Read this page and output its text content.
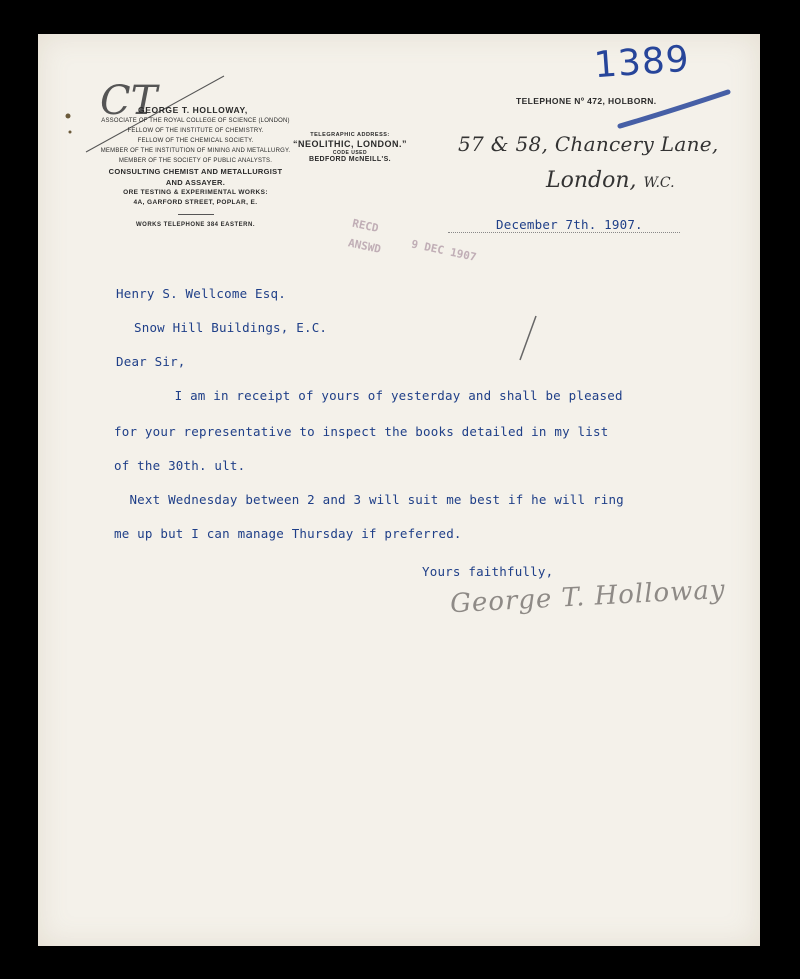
1389
CT
GEORGE T. HOLLOWAY,
ASSOCIATE OF THE ROYAL COLLEGE OF SCIENCE (LONDON)
FELLOW OF THE INSTITUTE OF CHEMISTRY.
FELLOW OF THE CHEMICAL SOCIETY.
MEMBER OF THE INSTITUTION OF MINING AND METALLURGY.
MEMBER OF THE SOCIETY OF PUBLIC ANALYSTS.
CONSULTING CHEMIST AND METALLURGIST
AND ASSAYER.
ORE TESTING & EXPERIMENTAL WORKS:
4A, GARFORD STREET, POPLAR, E.
WORKS TELEPHONE 384 EASTERN.
TELEGRAPHIC ADDRESS:
“NEOLITHIC, LONDON.”
CODE USED
BEDFORD McNEILL'S.
TELEPHONE Nº 472, HOLBORN.
57 & 58, Chancery Lane,
London, W.C.
December 7th. 1907.
RECD
9 DEC 1907
ANSWD
Henry S. Wellcome Esq.
Snow Hill Buildings, E.C.
Dear Sir,
I am in receipt of yours of yesterday and shall be pleased
for your representative to inspect the books detailed in my list
of the 30th. ult.
Next Wednesday between 2 and 3 will suit me best if he will ring
me up but I can manage Thursday if preferred.
Yours faithfully,
George T. Holloway
